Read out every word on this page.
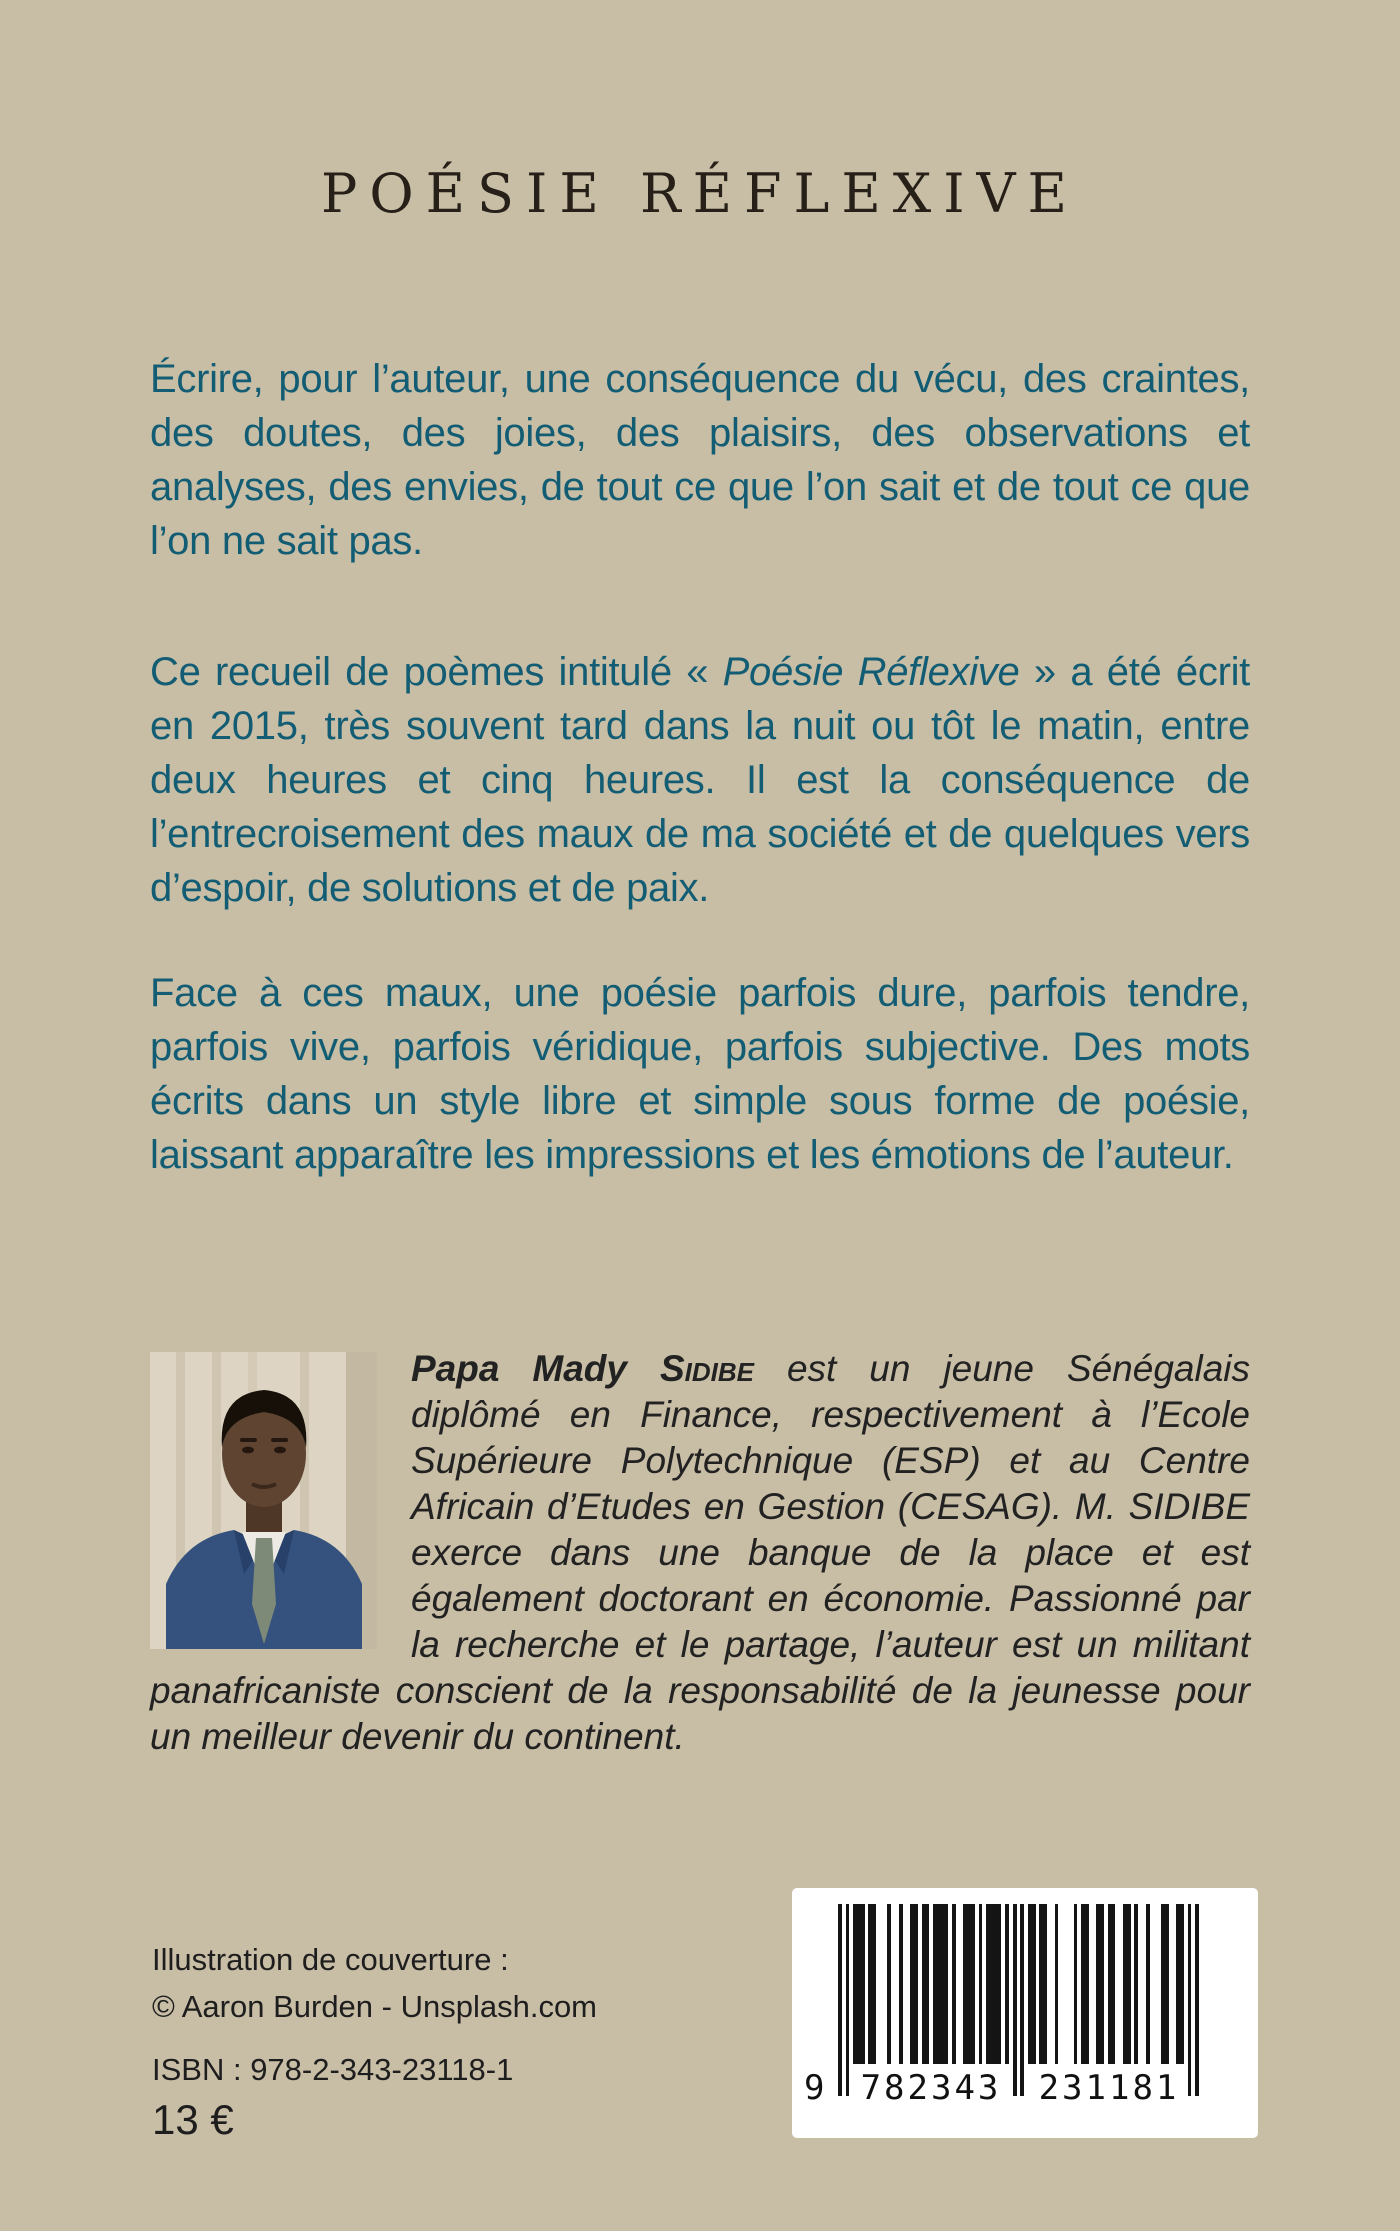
POÉSIE RÉFLEXIVE

Écrire, pour l’auteur, une conséquence du vécu, des craintes, des doutes, des joies, des plaisirs, des observations et analyses, des envies, de tout ce que l’on sait et de tout ce que l’on ne sait pas.

Ce recueil de poèmes intitulé « Poésie Réflexive » a été écrit en 2015, très souvent tard dans la nuit ou tôt le matin, entre deux heures et cinq heures. Il est la conséquence de l’entrecroisement des maux de ma société et de quelques vers d’espoir, de solutions et de paix.

Face à ces maux, une poésie parfois dure, parfois tendre, parfois vive, parfois véridique, parfois subjective. Des mots écrits dans un style libre et simple sous forme de poésie, laissant apparaître les impressions et les émotions de l’auteur.

Papa Mady Sidibe est un jeune Sénégalais diplômé en Finance, respectivement à l’Ecole Supérieure Polytechnique (ESP) et au Centre Africain d’Etudes en Gestion (CESAG). M. SIDIBE exerce dans une banque de la place et est également doctorant en économie. Passionné par la recherche et le partage, l’auteur est un militant panafricaniste conscient de la responsabilité de la jeunesse pour un meilleur devenir du continent.

Illustration de couverture :
© Aaron Burden - Unsplash.com
ISBN : 978-2-343-23118-1
13 €
9 782343 231181
